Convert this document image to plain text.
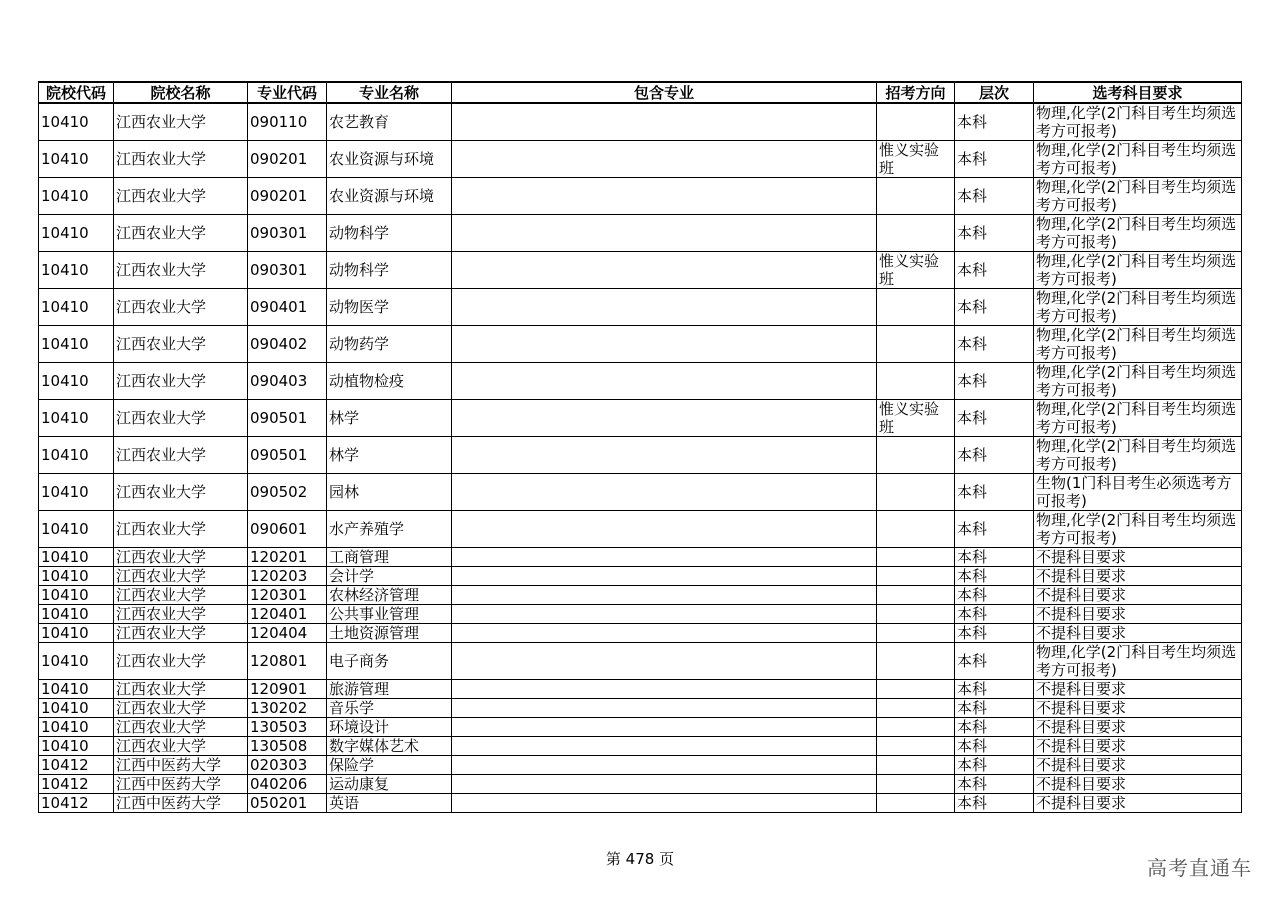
院校代码	院校名称	专业代码	专业名称	包含专业	招考方向	层次	选考科目要求
10410	江西农业大学	090110	农艺教育			本科	物理,化学(2门科目考生均须选考方可报考)
10410	江西农业大学	090201	农业资源与环境		惟义实验班	本科	物理,化学(2门科目考生均须选考方可报考)
10410	江西农业大学	090201	农业资源与环境			本科	物理,化学(2门科目考生均须选考方可报考)
10410	江西农业大学	090301	动物科学			本科	物理,化学(2门科目考生均须选考方可报考)
10410	江西农业大学	090301	动物科学		惟义实验班	本科	物理,化学(2门科目考生均须选考方可报考)
10410	江西农业大学	090401	动物医学			本科	物理,化学(2门科目考生均须选考方可报考)
10410	江西农业大学	090402	动物药学			本科	物理,化学(2门科目考生均须选考方可报考)
10410	江西农业大学	090403	动植物检疫			本科	物理,化学(2门科目考生均须选考方可报考)
10410	江西农业大学	090501	林学		惟义实验班	本科	物理,化学(2门科目考生均须选考方可报考)
10410	江西农业大学	090501	林学			本科	物理,化学(2门科目考生均须选考方可报考)
10410	江西农业大学	090502	园林			本科	生物(1门科目考生必须选考方可报考)
10410	江西农业大学	090601	水产养殖学			本科	物理,化学(2门科目考生均须选考方可报考)
10410	江西农业大学	120201	工商管理			本科	不提科目要求
10410	江西农业大学	120203	会计学			本科	不提科目要求
10410	江西农业大学	120301	农林经济管理			本科	不提科目要求
10410	江西农业大学	120401	公共事业管理			本科	不提科目要求
10410	江西农业大学	120404	土地资源管理			本科	不提科目要求
10410	江西农业大学	120801	电子商务			本科	物理,化学(2门科目考生均须选考方可报考)
10410	江西农业大学	120901	旅游管理			本科	不提科目要求
10410	江西农业大学	130202	音乐学			本科	不提科目要求
10410	江西农业大学	130503	环境设计			本科	不提科目要求
10410	江西农业大学	130508	数字媒体艺术			本科	不提科目要求
10412	江西中医药大学	020303	保险学			本科	不提科目要求
10412	江西中医药大学	040206	运动康复			本科	不提科目要求
10412	江西中医药大学	050201	英语			本科	不提科目要求
第 478 页	高考直通车
